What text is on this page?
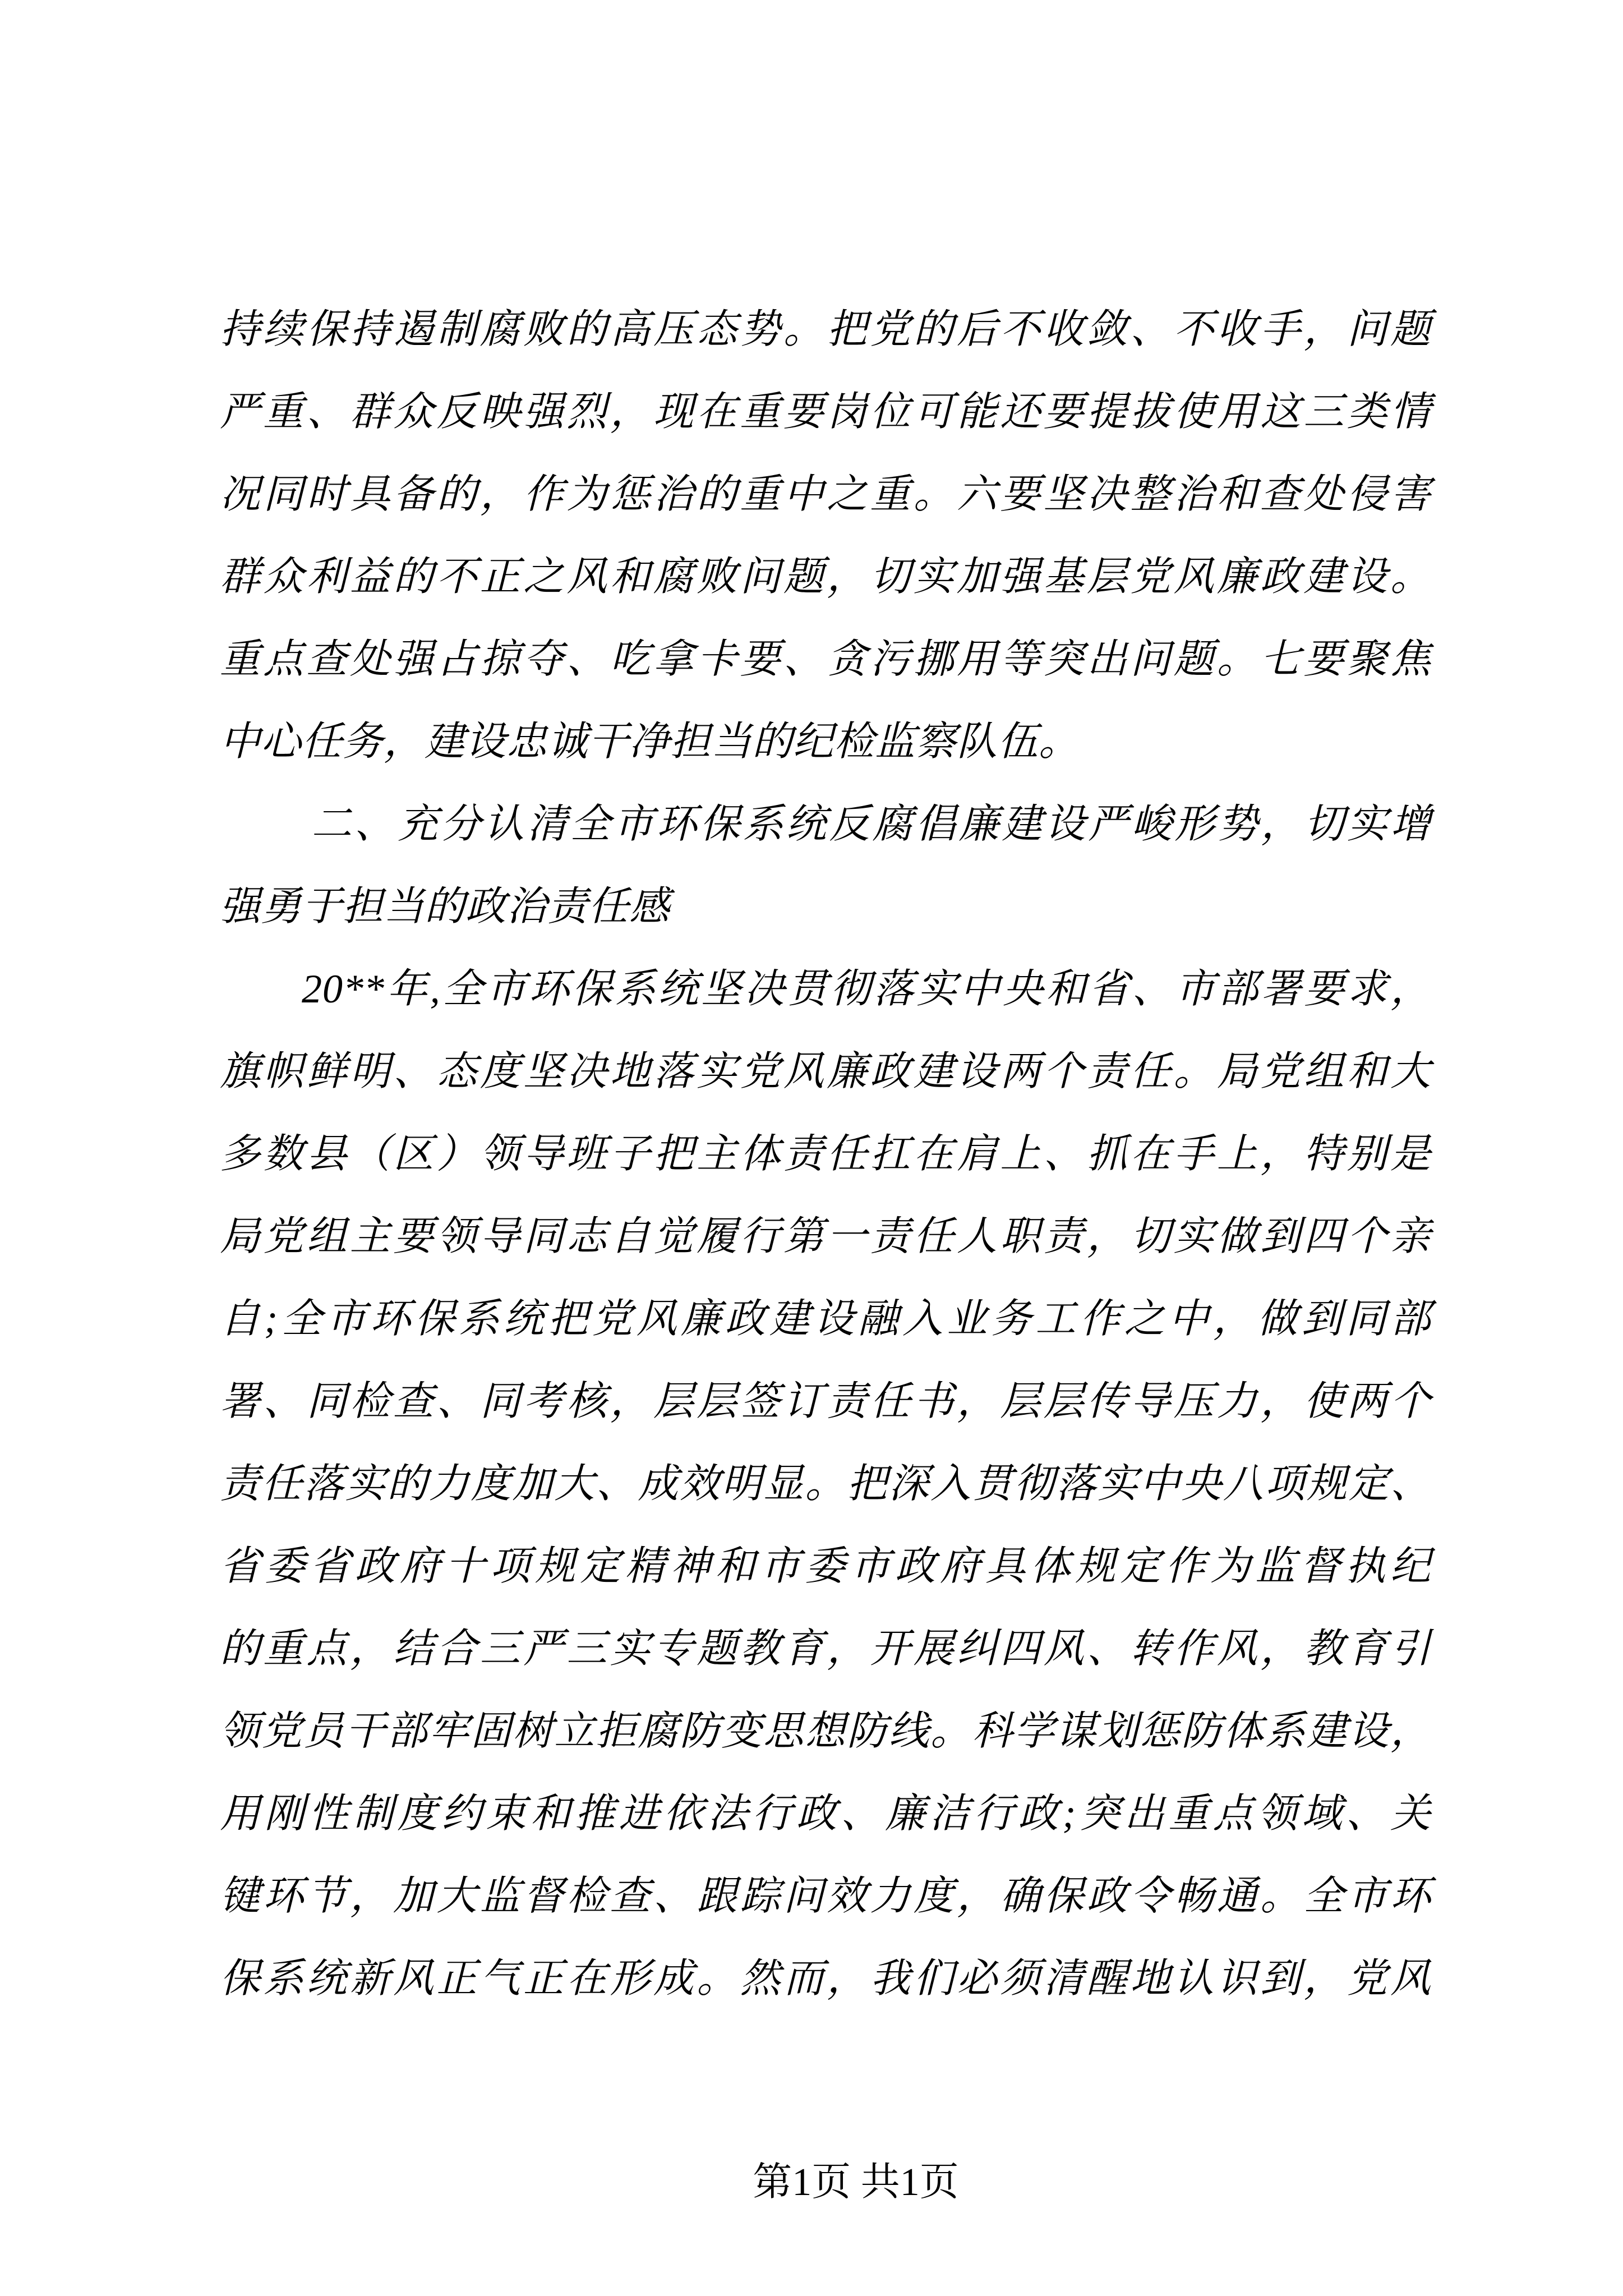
持续保持遏制腐败的高压态势。把党的后不收敛、不收手，问题
严重、群众反映强烈，现在重要岗位可能还要提拔使用这三类情
况同时具备的，作为惩治的重中之重。六要坚决整治和查处侵害
群众利益的不正之风和腐败问题，切实加强基层党风廉政建设。
重点查处强占掠夺、吃拿卡要、贪污挪用等突出问题。七要聚焦
中心任务，建设忠诚干净担当的纪检监察队伍。
二、充分认清全市环保系统反腐倡廉建设严峻形势，切实增
强勇于担当的政治责任感
20**年,全市环保系统坚决贯彻落实中央和省、市部署要求，
旗帜鲜明、态度坚决地落实党风廉政建设两个责任。局党组和大
多数县（区）领导班子把主体责任扛在肩上、抓在手上，特别是
局党组主要领导同志自觉履行第一责任人职责，切实做到四个亲
自;全市环保系统把党风廉政建设融入业务工作之中，做到同部
署、同检查、同考核，层层签订责任书，层层传导压力，使两个
责任落实的力度加大、成效明显。把深入贯彻落实中央八项规定、
省委省政府十项规定精神和市委市政府具体规定作为监督执纪
的重点，结合三严三实专题教育，开展纠四风、转作风，教育引
领党员干部牢固树立拒腐防变思想防线。科学谋划惩防体系建设，
用刚性制度约束和推进依法行政、廉洁行政;突出重点领域、关
键环节，加大监督检查、跟踪问效力度，确保政令畅通。全市环
保系统新风正气正在形成。然而，我们必须清醒地认识到，党风
第1页 共1页
